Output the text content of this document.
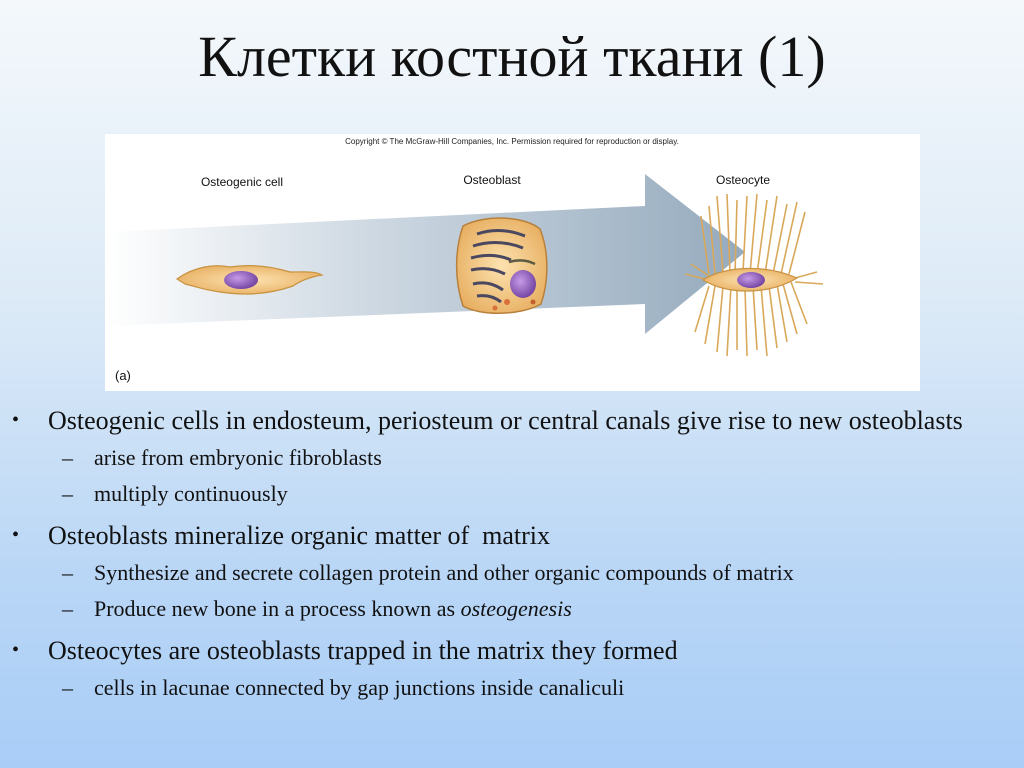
Клетки костной ткани (1)
Copyright © The McGraw-Hill Companies, Inc. Permission required for reproduction or display.
Osteogenic cell	Osteoblast	Osteocyte
(a)
• Osteogenic cells in endosteum, periosteum or central canals give rise to new osteoblasts
– arise from embryonic fibroblasts
– multiply continuously
• Osteoblasts mineralize organic matter of  matrix
– Synthesize and secrete collagen protein and other organic compounds of matrix
– Produce new bone in a process known as osteogenesis
• Osteocytes are osteoblasts trapped in the matrix they formed
– cells in lacunae connected by gap junctions inside canaliculi
